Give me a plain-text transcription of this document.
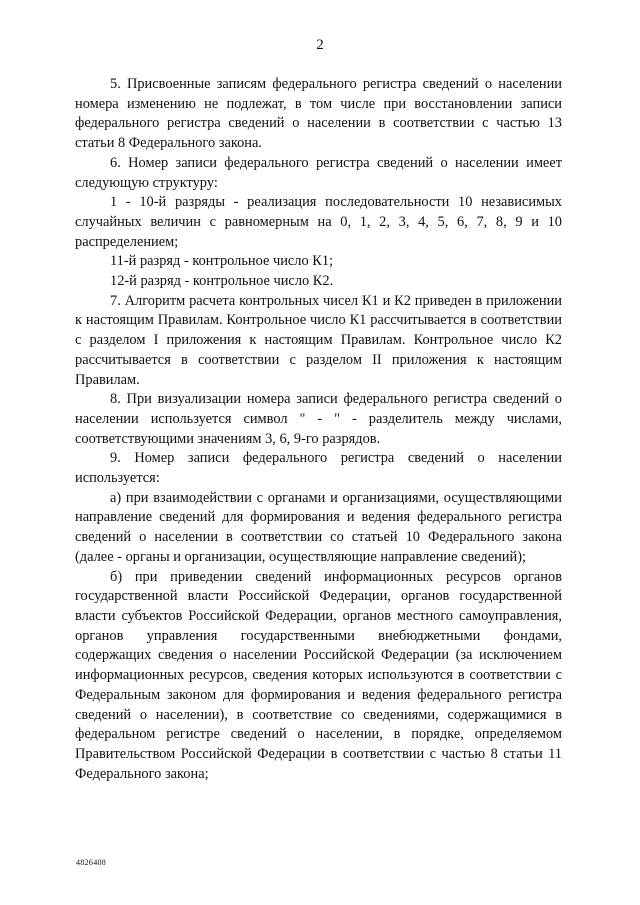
2

5. Присвоенные записям федерального регистра сведений о населении номера изменению не подлежат, в том числе при восстановлении записи федерального регистра сведений о населении в соответствии с частью 13 статьи 8 Федерального закона.

6. Номер записи федерального регистра сведений о населении имеет следующую структуру:

1 - 10-й разряды - реализация последовательности 10 независимых случайных величин с равномерным на 0, 1, 2, 3, 4, 5, 6, 7, 8, 9 и 10 распределением;

11-й разряд - контрольное число К1;

12-й разряд - контрольное число К2.

7. Алгоритм расчета контрольных чисел К1 и К2 приведен в приложении к настоящим Правилам. Контрольное число К1 рассчитывается в соответствии с разделом I приложения к настоящим Правилам. Контрольное число К2 рассчитывается в соответствии с разделом II приложения к настоящим Правилам.

8. При визуализации номера записи федерального регистра сведений о населении используется символ " - " - разделитель между числами, соответствующими значениям 3, 6, 9-го разрядов.

9. Номер записи федерального регистра сведений о населении используется:

а) при взаимодействии с органами и организациями, осуществляющими направление сведений для формирования и ведения федерального регистра сведений о населении в соответствии со статьей 10 Федерального закона (далее - органы и организации, осуществляющие направление сведений);

б) при приведении сведений информационных ресурсов органов государственной власти Российской Федерации, органов государственной власти субъектов Российской Федерации, органов местного самоуправления, органов управления государственными внебюджетными фондами, содержащих сведения о населении Российской Федерации (за исключением информационных ресурсов, сведения которых используются в соответствии с Федеральным законом для формирования и ведения федерального регистра сведений о населении), в соответствие со сведениями, содержащимися в федеральном регистре сведений о населении, в порядке, определяемом Правительством Российской Федерации в соответствии с частью 8 статьи 11 Федерального закона;

4826408
